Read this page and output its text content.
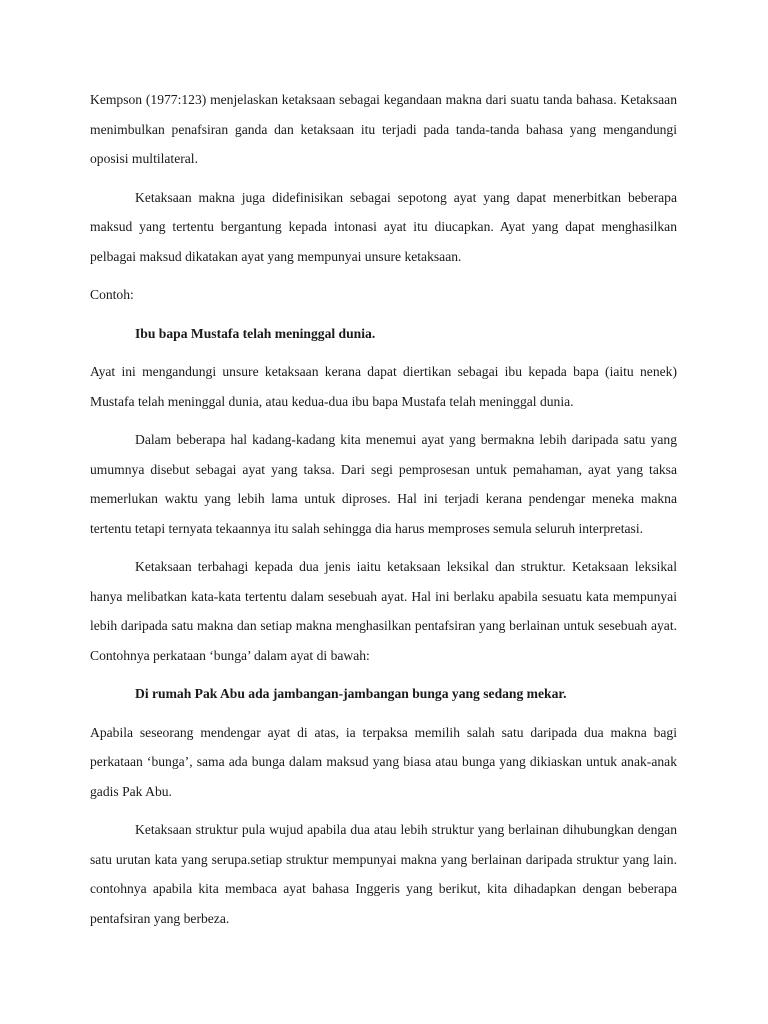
Kempson (1977:123) menjelaskan ketaksaan sebagai kegandaan makna dari suatu tanda bahasa. Ketaksaan menimbulkan penafsiran ganda dan ketaksaan itu terjadi pada tanda-tanda bahasa yang mengandungi oposisi multilateral.

Ketaksaan makna juga didefinisikan sebagai sepotong ayat yang dapat menerbitkan beberapa maksud yang tertentu bergantung kepada intonasi ayat itu diucapkan. Ayat yang dapat menghasilkan pelbagai maksud dikatakan ayat yang mempunyai unsure ketaksaan.

Contoh:

Ibu bapa Mustafa telah meninggal dunia.

Ayat ini mengandungi unsure ketaksaan kerana dapat diertikan sebagai ibu kepada bapa (iaitu nenek) Mustafa telah meninggal dunia, atau kedua-dua ibu bapa Mustafa telah meninggal dunia.

Dalam beberapa hal kadang-kadang kita menemui ayat yang bermakna lebih daripada satu yang umumnya disebut sebagai ayat yang taksa. Dari segi pemprosesan untuk pemahaman, ayat yang taksa memerlukan waktu yang lebih lama untuk diproses. Hal ini terjadi kerana pendengar meneka makna tertentu tetapi ternyata tekaannya itu salah sehingga dia harus memproses semula seluruh interpretasi.

Ketaksaan terbahagi kepada dua jenis iaitu ketaksaan leksikal dan struktur. Ketaksaan leksikal hanya melibatkan kata-kata tertentu dalam sesebuah ayat. Hal ini berlaku apabila sesuatu kata mempunyai lebih daripada satu makna dan setiap makna menghasilkan pentafsiran yang berlainan untuk sesebuah ayat. Contohnya perkataan ‘bunga’ dalam ayat di bawah:

Di rumah Pak Abu ada jambangan-jambangan bunga yang sedang mekar.

Apabila seseorang mendengar ayat di atas, ia terpaksa memilih salah satu daripada dua makna bagi perkataan ‘bunga’, sama ada bunga dalam maksud yang biasa atau bunga yang dikiaskan untuk anak-anak gadis Pak Abu.

Ketaksaan struktur pula wujud apabila dua atau lebih struktur yang berlainan dihubungkan dengan satu urutan kata yang serupa.setiap struktur mempunyai makna yang berlainan daripada struktur yang lain. contohnya apabila kita membaca ayat bahasa Inggeris yang berikut, kita dihadapkan dengan beberapa pentafsiran yang berbeza.
